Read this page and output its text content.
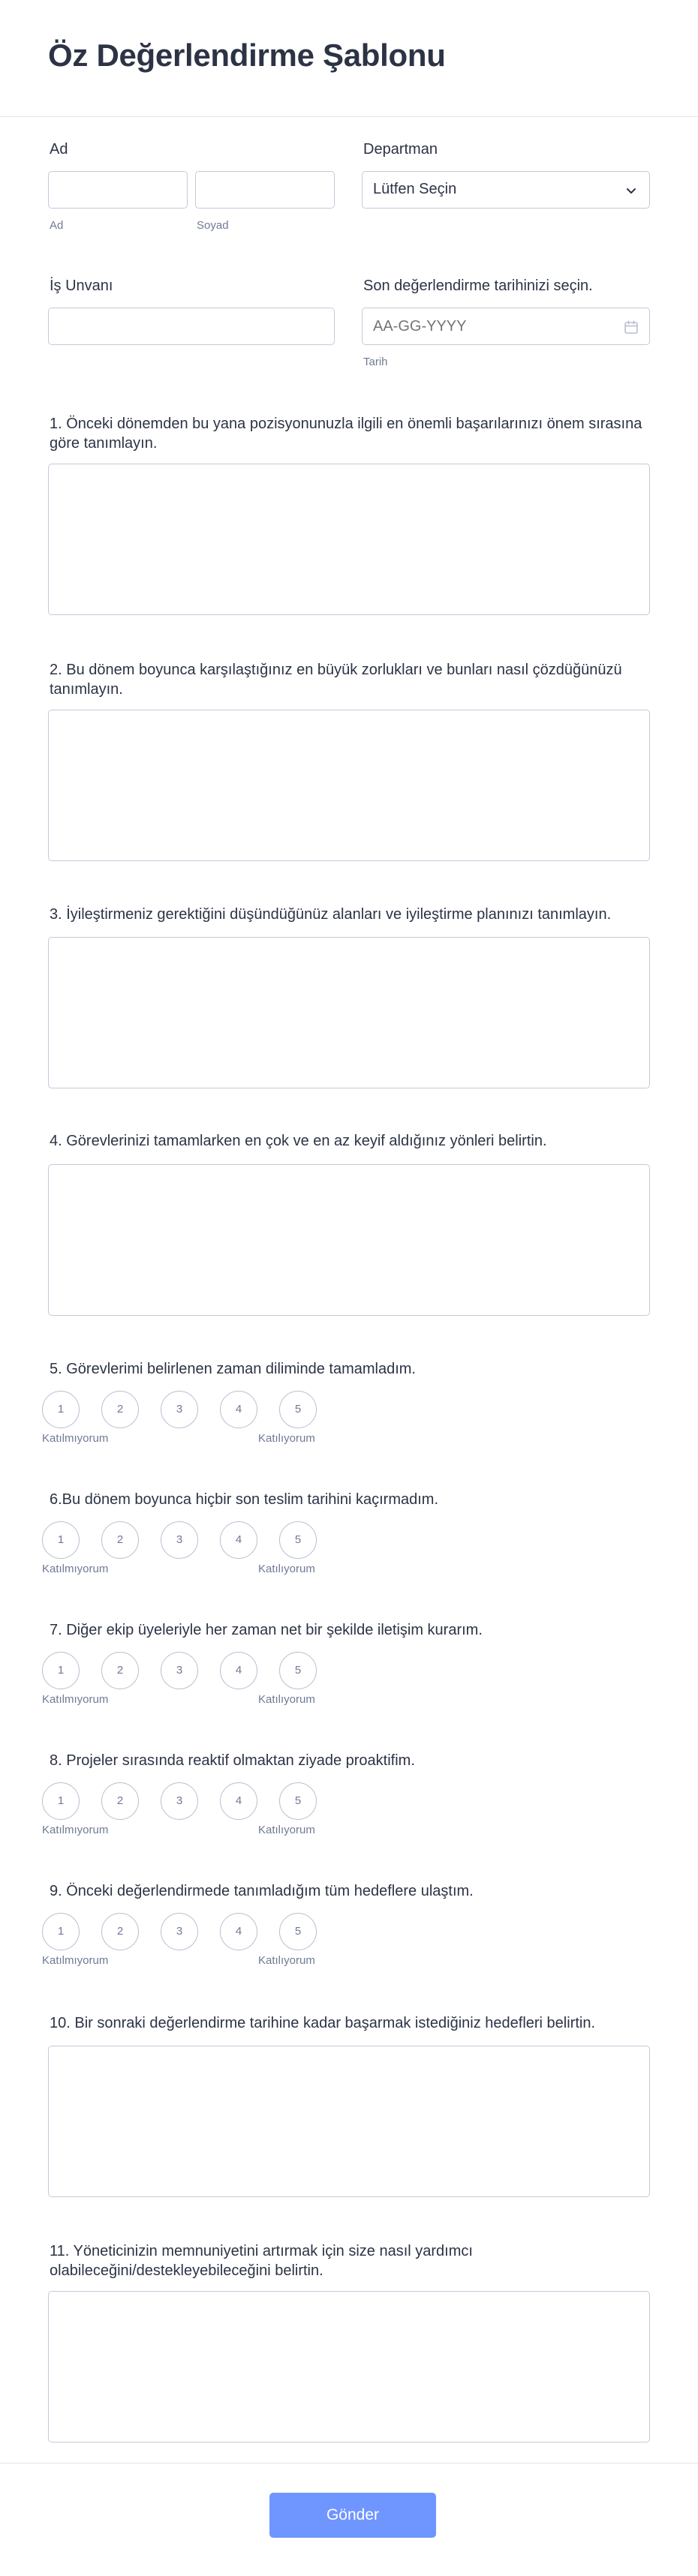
Öz Değerlendirme Şablonu
Ad
Ad	Soyad
Departman
Lütfen Seçin
İş Unvanı	Son değerlendirme tarihinizi seçin.
AA-GG-YYYY
Tarih
1. Önceki dönemden bu yana pozisyonunuzla ilgili en önemli başarılarınızı önem sırasına göre tanımlayın.
2. Bu dönem boyunca karşılaştığınız en büyük zorlukları ve bunları nasıl çözdüğünüzü tanımlayın.
3. İyileştirmeniz gerektiğini düşündüğünüz alanları ve iyileştirme planınızı tanımlayın.
4. Görevlerinizi tamamlarken en çok ve en az keyif aldığınız yönleri belirtin.
5. Görevlerimi belirlenen zaman diliminde tamamladım.
1	2	3	4	5
Katılmıyorum	Katılıyorum
6.Bu dönem boyunca hiçbir son teslim tarihini kaçırmadım.
1	2	3	4	5
Katılmıyorum	Katılıyorum
7. Diğer ekip üyeleriyle her zaman net bir şekilde iletişim kurarım.
1	2	3	4	5
Katılmıyorum	Katılıyorum
8. Projeler sırasında reaktif olmaktan ziyade proaktifim.
1	2	3	4	5
Katılmıyorum	Katılıyorum
9. Önceki değerlendirmede tanımladığım tüm hedeflere ulaştım.
1	2	3	4	5
Katılmıyorum	Katılıyorum
10. Bir sonraki değerlendirme tarihine kadar başarmak istediğiniz hedefleri belirtin.
11. Yöneticinizin memnuniyetini artırmak için size nasıl yardımcı olabileceğini/destekleyebileceğini belirtin.
Gönder
